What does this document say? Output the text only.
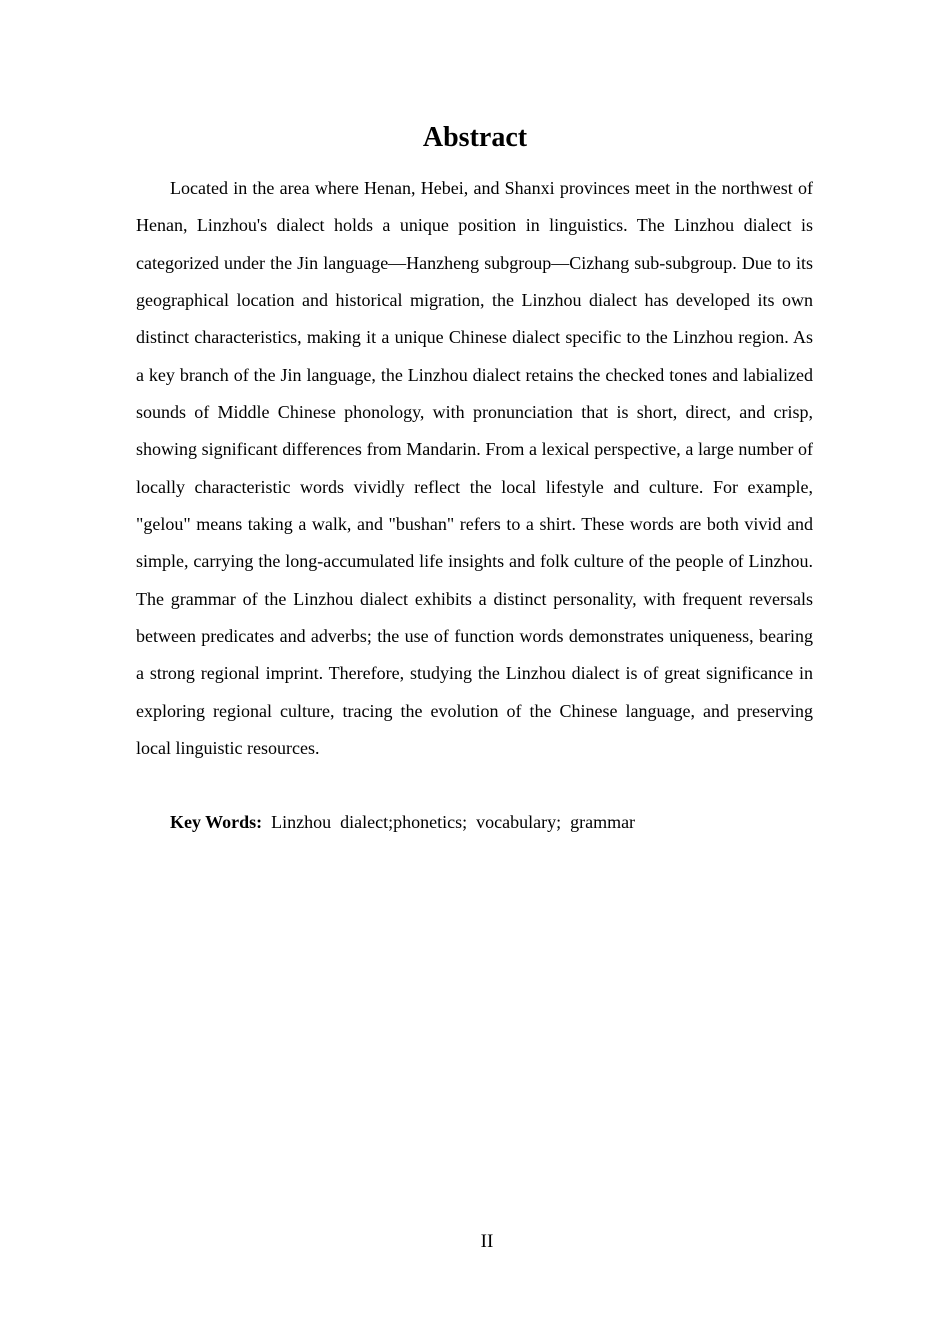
Abstract

Located in the area where Henan, Hebei, and Shanxi provinces meet in the northwest of Henan, Linzhou's dialect holds a unique position in linguistics. The Linzhou dialect is categorized under the Jin language—Hanzheng subgroup—Cizhang sub-subgroup. Due to its geographical location and historical migration, the Linzhou dialect has developed its own distinct characteristics, making it a unique Chinese dialect specific to the Linzhou region. As a key branch of the Jin language, the Linzhou dialect retains the checked tones and labialized sounds of Middle Chinese phonology, with pronunciation that is short, direct, and crisp, showing significant differences from Mandarin. From a lexical perspective, a large number of locally characteristic words vividly reflect the local lifestyle and culture. For example, "gelou" means taking a walk, and "bushan" refers to a shirt. These words are both vivid and simple, carrying the long-accumulated life insights and folk culture of the people of Linzhou. The grammar of the Linzhou dialect exhibits a distinct personality, with frequent reversals between predicates and adverbs; the use of function words demonstrates uniqueness, bearing a strong regional imprint. Therefore, studying the Linzhou dialect is of great significance in exploring regional culture, tracing the evolution of the Chinese language, and preserving local linguistic resources.

Key Words:  Linzhou  dialect;phonetics;  vocabulary;  grammar

II
